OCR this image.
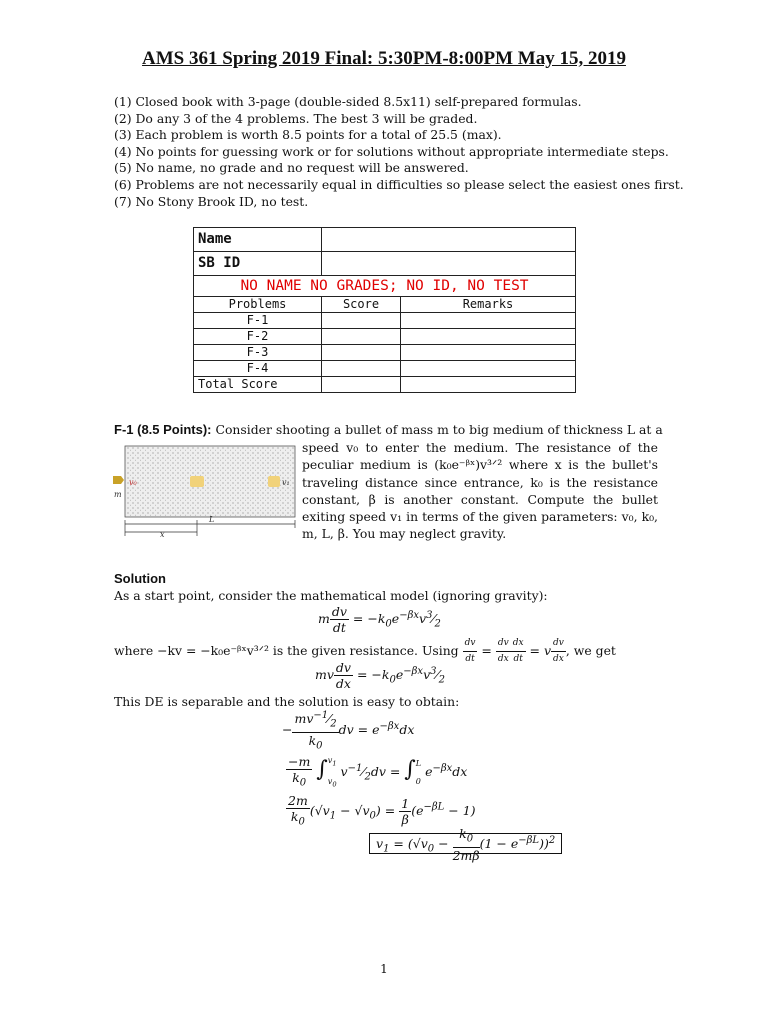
AMS 361 Spring 2019 Final: 5:30PM-8:00PM May 15, 2019
(1) Closed book with 3-page (double-sided 8.5x11) self-prepared formulas.
(2) Do any 3 of the 4 problems. The best 3 will be graded.
(3) Each problem is worth 8.5 points for a total of 25.5 (max).
(4) No points for guessing work or for solutions without appropriate intermediate steps.
(5) No name, no grade and no request will be answered.
(6) Problems are not necessarily equal in difficulties so please select the easiest ones first.
(7) No Stony Brook ID, no test.
Name		
SB ID		
NO NAME NO GRADES; NO ID, NO TEST		
Problems	Score	Remarks
F-1		
F-2		
F-3		
F-4		
Total Score		
F-1 (8.5 Points): Consider shooting a bullet of mass m to big medium of thickness L at a

speed v₀ to enter the medium. The resistance of the peculiar medium is (k₀e⁻ᵝˣ)v³ᐟ² where x is the bullet's traveling distance since entrance, k₀ is the resistance constant, β is another constant. Compute the bullet exiting speed v₁ in terms of the given parameters: v₀, k₀, m, L, β. You may neglect gravity.

v₀	v₁
m
L
x
Solution
As a start point, consider the mathematical model (ignoring gravity):
m $\frac{dv}{dt}$ = $-k_0e^{-\beta x}v^3⁄_2$
where −kv = −k₀e⁻ᵝˣv³ᐟ² is the given resistance. Using $\frac{dv}{dt} = \frac{dv}{dx} \frac{dx}{dt} = v \frac{dv}{dx}$ , we get
mv $\frac{dv}{dx}$ = $-k_0e^{-\beta x}v^3⁄_2$
This DE is separable and the solution is easy to obtain:
− $\frac{mv^{-1}⁄_2}{k_0}$ dv = $e^{-\beta x}dx$
$\frac{-m}{k_0}$ ∫ $v_1$
$v_0$
$v^{-1}⁄_2dv$ = ∫ L
0
$e^{-\beta x}dx$
$\frac{2m}{k_0} (√v_1 - √v_0) = \frac{1}{\beta} (e^{-\beta L} - 1)$
$v_1 = (√v_0 - \frac{k_0}{2m\beta} (1 - e^{-\beta L}))^2$
1
